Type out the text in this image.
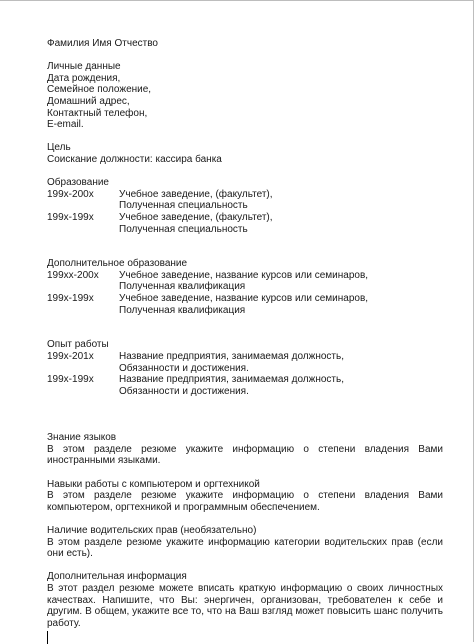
Фамилия Имя Отчество
Личные данные
Дата рождения,
Семейное положение,
Домашний адрес,
Контактный телефон,
E-email.
Цель
Соискание должности: кассира банка
Образование
199х-200х	Учебное заведение, (факультет),
Полученная специальность
199х-199х	Учебное заведение, (факультет),
Полученная специальность
Дополнительное образование
199хх-200х	Учебное заведение, название курсов или семинаров,
Полученная квалификация
199х-199х	Учебное заведение, название курсов или семинаров,
Полученная квалификация
Опыт работы
199х-201х	Название предприятия, занимаемая должность,
Обязанности и достижения.
199х-199х	Название предприятия, занимаемая должность,
Обязанности и достижения.
Знание языков
В этом разделе резюме укажите информацию о степени владения Вами иностранными языками.
Навыки работы с компьютером и оргтехникой
В этом разделе резюме укажите информацию о степени владения Вами компьютером, оргтехникой и программным обеспечением.
Наличие водительских прав (необязательно)
В этом разделе резюме укажите информацию категории водительских прав (если они есть).
Дополнительная информация
В этот раздел резюме можете вписать краткую информацию о своих личностных качествах. Напишите, что Вы: энергичен, организован, требователен к себе и другим. В общем, укажите все то, что на Ваш взгляд может повысить шанс получить работу.
